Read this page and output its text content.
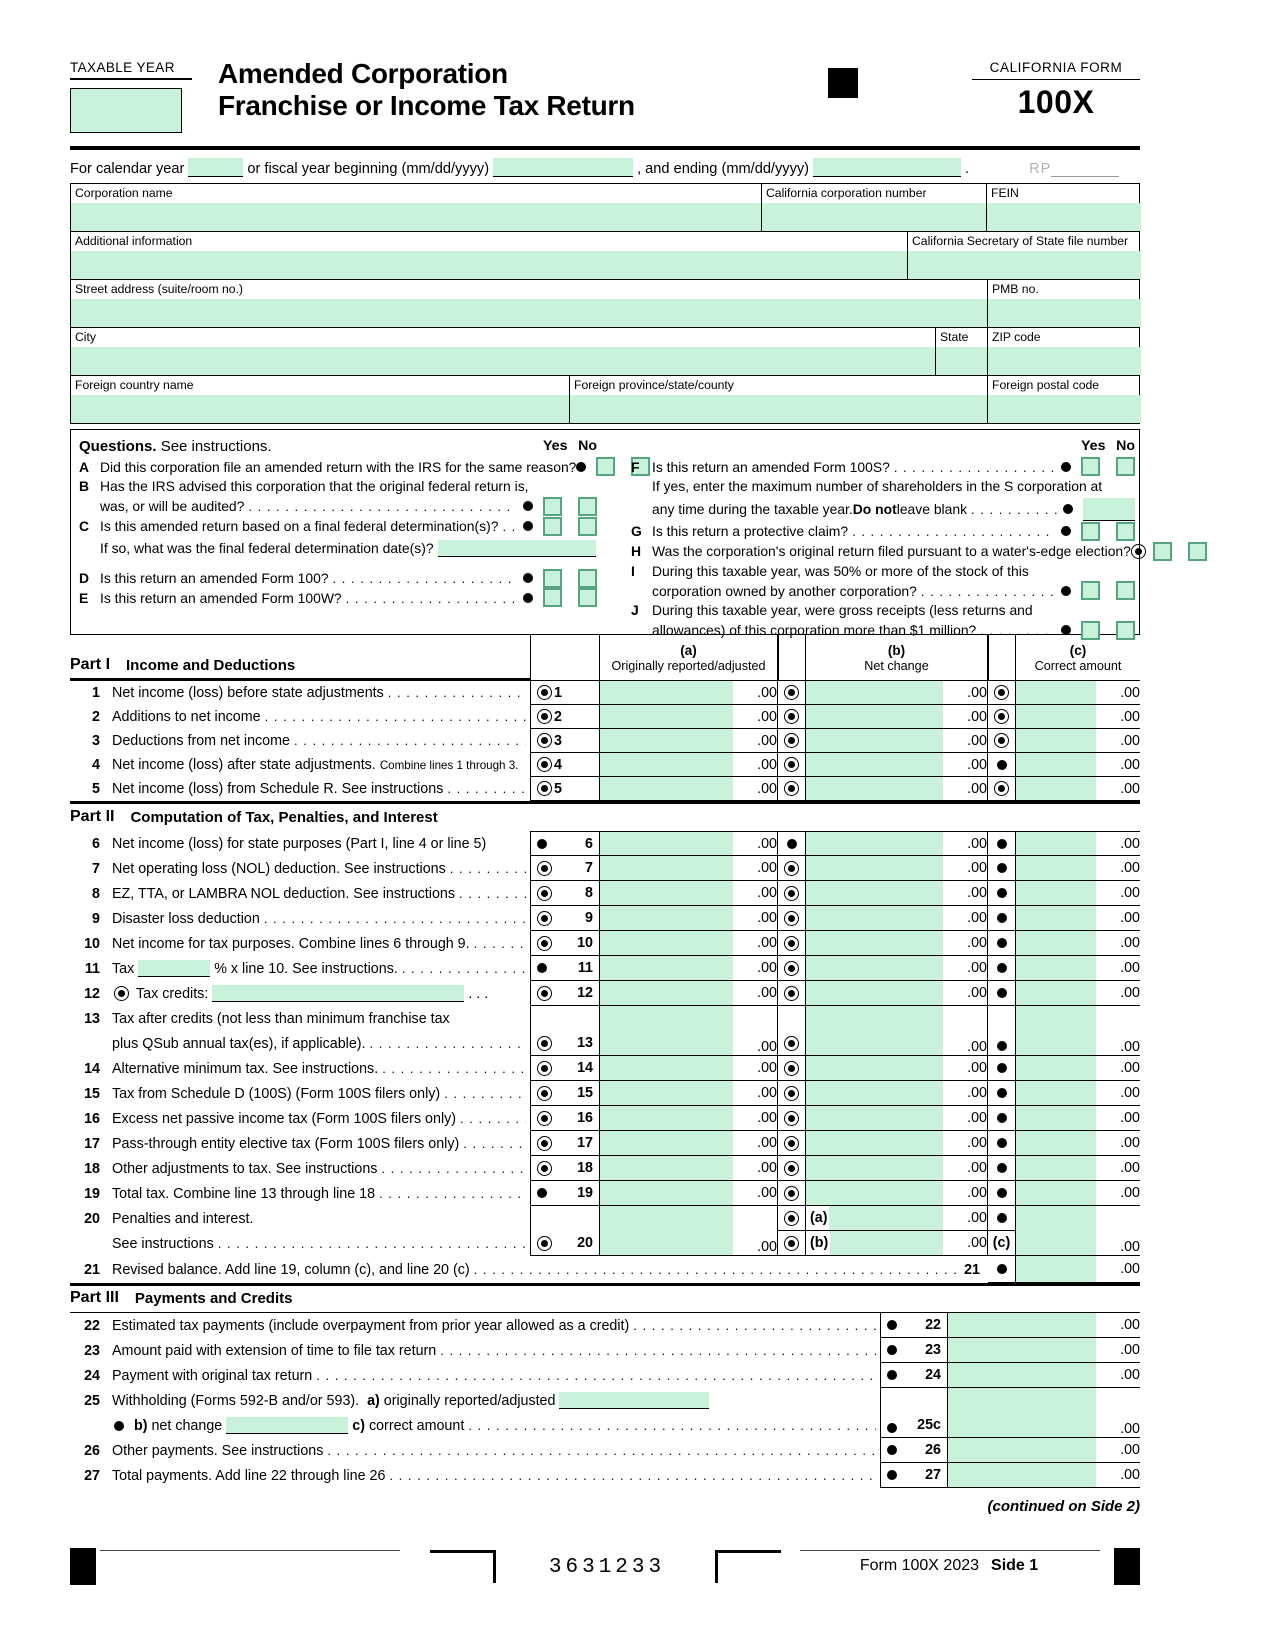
TAXABLE YEAR	Amended Corporation
Franchise or Income Tax Return
CALIFORNIA FORM
100X
For calendar year	or fiscal year beginning (mm/dd/yyyy)	, and ending (mm/dd/yyyy)	.	RP
Corporation name	California corporation number	FEIN
Additional information	California Secretary of State file number
Street address (suite/room no.)	PMB no.
City	State	ZIP code
Foreign country name	Foreign province/state/county	Foreign postal code
Questions.
See instructions.	Yes No
A Did this corporation file an amended return with the IRS for the same reason?
B Has the IRS advised this corporation that the original federal return is,
was, or will be audited?
. . .
C Is this amended return based on a final federal determination(s)?
. . .
If so, what was the final federal determination date(s)?
D Is this return an amended Form 100?
. . .
E Is this return an amended Form 100W?
. . .
Yes No
F Is this return an amended Form 100S?
. . .
If yes, enter the maximum number of shareholders in the S corporation at
any time during the taxable year. Do not leave blank
. . .
G Is this return a protective claim?
. . .
H Was the corporation's original return filed pursuant to a water's-edge election?
I	During this taxable year, was 50% or more of the stock of this
corporation owned by another corporation?
. . .
J During this taxable year, were gross receipts (less returns and
allowances) of this corporation more than $1 million?
. . .
Part I Income and Deductions
(a)
Originally reported/adjusted
(b)
Net change
(c)
Correct amount
1 Net income (loss) before state adjustments . . .	1	.00	.00	.00
2 Additions to net income . . .	2	.00	.00	.00
3 Deductions from net income . . .	3	.00	.00	.00
4 Net income (loss) after state adjustments. Combine lines 1 through 3. 4	.00	.00	.00
5 Net income (loss) from Schedule R. See instructions . . .	5	.00	.00	.00
Part II Computation of Tax, Penalties, and Interest
6 Net income (loss) for state purposes (Part I, line 4 or line 5)	6	.00	.00	.00
7 Net operating loss (NOL) deduction. See instructions . . .	7	.00	.00	.00
8 EZ, TTA, or LAMBRA NOL deduction. See instructions . . .	8	.00	.00	.00
9 Disaster loss deduction . . .	9	.00	.00	.00
10 Net income for tax purposes. Combine lines 6 through 9. . . .	10	.00	.00	.00
11 Tax	% x line 10. See instructions. . . .	11	.00	.00	.00
12	Tax credits:	. . .	12	.00	.00	.00
13 Tax after credits (not less than minimum franchise tax
plus QSub annual tax(es), if applicable). . . .	13	.00	.00	.00
14 Alternative minimum tax. See instructions. . . .	14	.00	.00	.00
15 Tax from Schedule D (100S) (Form 100S filers only) . . .	15	.00	.00	.00
16 Excess net passive income tax (Form 100S filers only) . . .	16	.00	.00	.00
17 Pass-through entity elective tax (Form 100S filers only) . . .	17	.00	.00	.00
18 Other adjustments to tax. See instructions . . .	18	.00	.00	.00
19 Total tax. Combine line 13 through line 18 . . .	19	.00	.00	.00
20 Penalties and interest.
See instructions . . .	20	.00
(a)	.00
(b)	.00 (c)	.00
21 Revised balance. Add line 19, column (c), and line 20 (c) . . .	21	.00
Part III Payments and Credits
22 Estimated tax payments (include overpayment from prior year allowed as a credit) . . .	22	.00
23 Amount paid with extension of time to file tax return . . .	23	.00
24 Payment with original tax return . . .	24	.00
25 Withholding (Forms 592-B and/or 593).
a)
originally reported/adjusted
b)
net change	c)
correct amount . . .	25c	.00
26 Other payments. See instructions . . .	26	.00
27 Total payments. Add line 22 through line 26 . . .	27	.00
(continued on Side 2)
3631233	Form 100X 2023 Side 1
